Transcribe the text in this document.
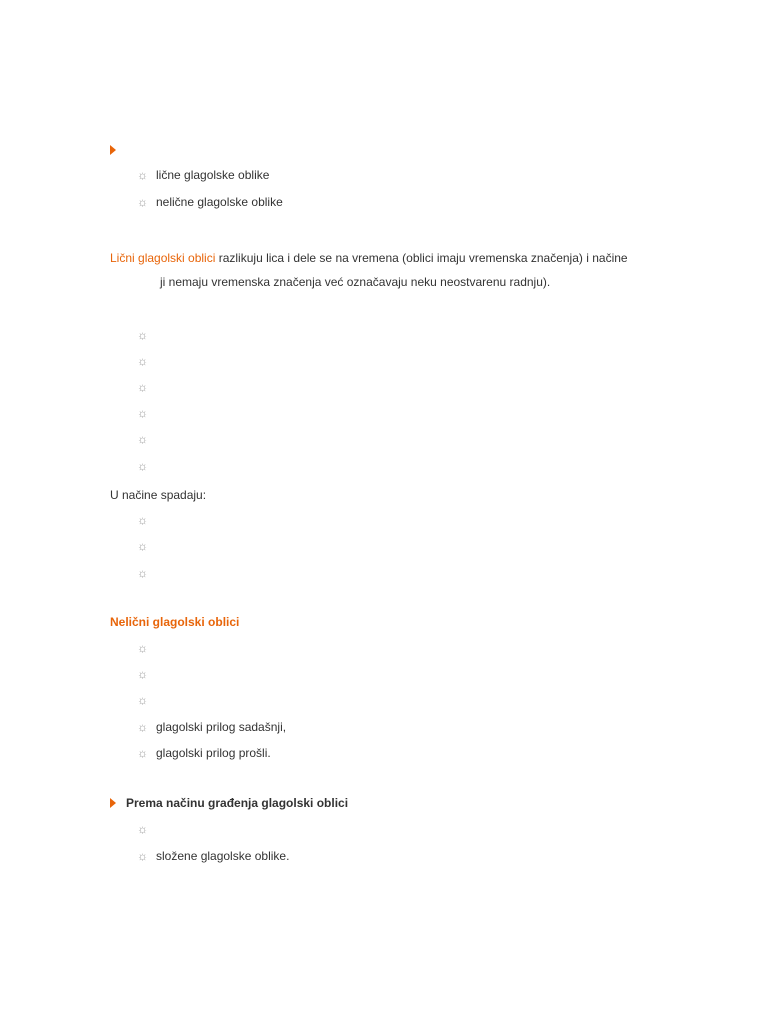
☼ lične glagolske oblike
☼ nelične glagolske oblike
Lični glagolski oblici razlikuju lica i dele se na vremena (oblici imaju vremenska značenja) i načine
ji nemaju vremenska značenja već označavaju neku neostvarenu radnju).
☼
☼
☼
☼
☼
☼
U načine spadaju:
☼
☼
☼
Nelični glagolski oblici
☼
☼
☼
☼ glagolski prilog sadašnji,
☼ glagolski prilog prošli.
Prema načinu građenja glagolski oblici
☼
☼ složene glagolske oblike.
